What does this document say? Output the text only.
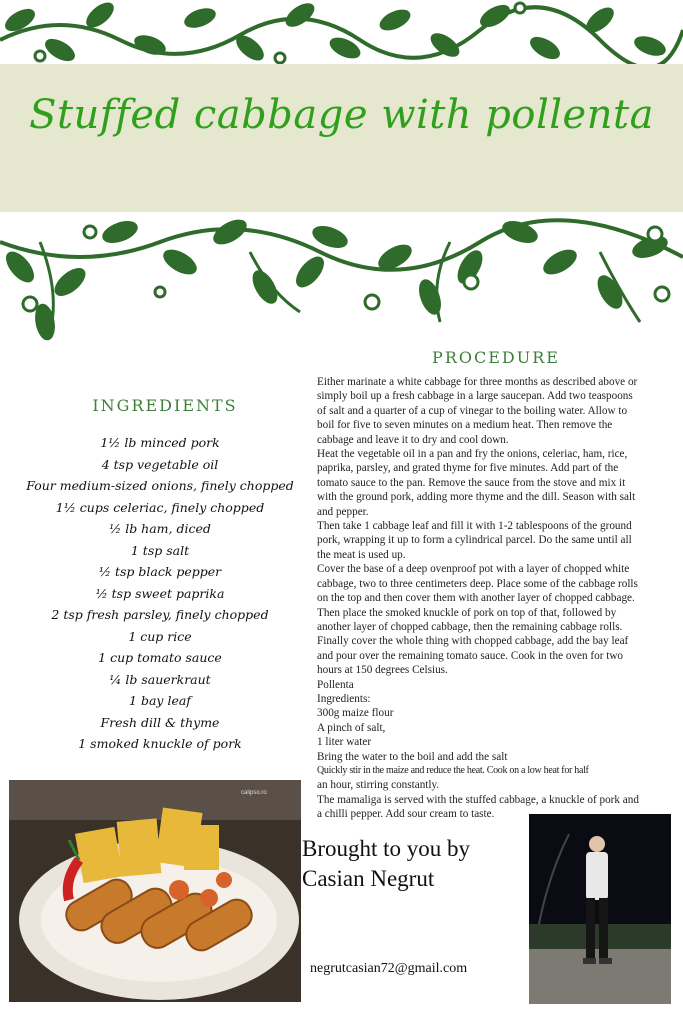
Stuffed cabbage with pollenta
PROCEDURE
INGREDIENTS
1½ lb minced pork
4 tsp vegetable oil
Four medium-sized onions, finely chopped
1½ cups celeriac, finely chopped
½ lb ham, diced
1 tsp salt
½ tsp black pepper
½ tsp sweet paprika
2 tsp fresh parsley, finely chopped
1 cup rice
1 cup tomato sauce
¼ lb sauerkraut
1 bay leaf
Fresh dill & thyme
1 smoked knuckle of pork
Either marinate a white cabbage for three months as described above or
simply boil up a fresh cabbage in a large saucepan. Add two teaspoons
of salt and a quarter of a cup of vinegar to the boiling water. Allow to
boil for five to seven minutes on a medium heat. Then remove the
cabbage and leave it to dry and cool down.
Heat the vegetable oil in a pan and fry the onions, celeriac, ham, rice,
paprika, parsley, and grated thyme for five minutes. Add part of the
tomato sauce to the pan. Remove the sauce from the stove and mix it
with the ground pork, adding more thyme and the dill. Season with salt
and pepper.
Then take 1 cabbage leaf and fill it with 1-2 tablespoons of the ground
pork, wrapping it up to form a cylindrical parcel. Do the same until all
the meat is used up.
Cover the base of a deep ovenproof pot with a layer of chopped white
cabbage, two to three centimeters deep. Place some of the cabbage rolls
on the top and then cover them with another layer of chopped cabbage.
Then place the smoked knuckle of pork on top of that, followed by
another layer of chopped cabbage, then the remaining cabbage rolls.
Finally cover the whole thing with chopped cabbage, add the bay leaf
and pour over the remaining tomato sauce. Cook in the oven for two
hours at 150 degrees Celsius.
Pollenta
Ingredients:
300g maize flour
A pinch of salt,
1 liter water
Bring the water to the boil and add the salt
Quickly stir in the maize and reduce the heat. Cook on a low heat for half
an hour, stirring constantly.
The mamaliga is served with the stuffed cabbage, a knuckle of pork and
a chilli pepper. Add sour cream to taste.
calipso.ro
Brought to you by
Casian Negrut
negrutcasian72@gmail.com
